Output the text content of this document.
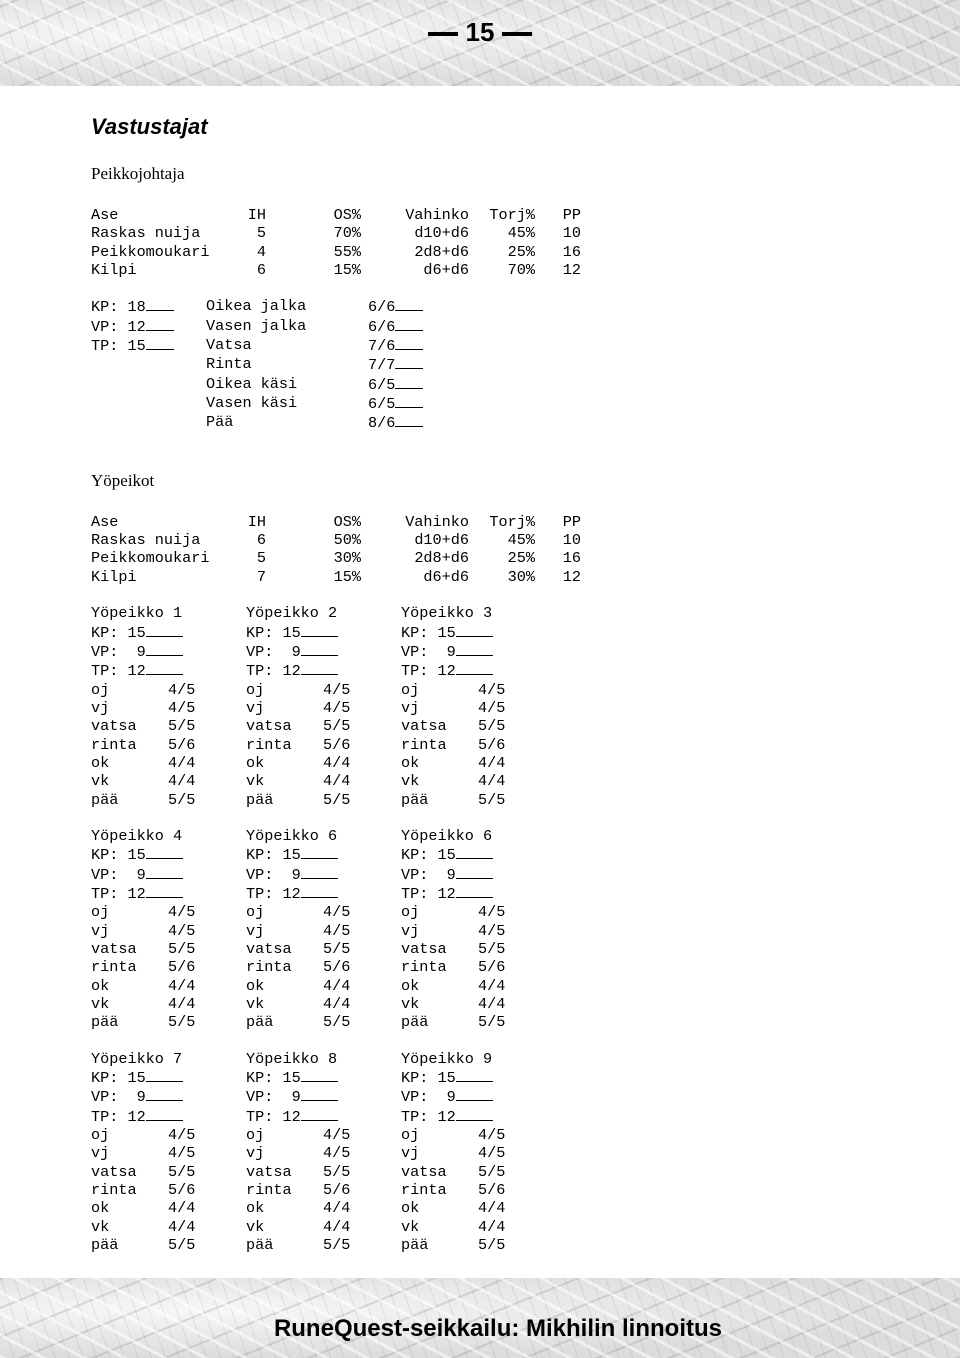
15
Vastustajat
Peikkojohtaja
Ase	IH	OS%	Vahinko	Torj%	PP
Raskas nuija	5	70%	d10+d6	45%	10
Peikkomoukari	4	55%	2d8+d6	25%	16
Kilpi	6	15%	d6+d6	70%	12
KP: 18
VP: 12
TP: 15
Oikea jalka	6/6
Vasen jalka	6/6
Vatsa	7/6
Rinta	7/7
Oikea käsi	6/5
Vasen käsi	6/5
Pää	8/6
Yöpeikot
Ase	IH	OS%	Vahinko	Torj%	PP
Raskas nuija	6	50%	d10+d6	45%	10
Peikkomoukari	5	30%	2d8+d6	25%	16
Kilpi	7	15%	d6+d6	30%	12
Yöpeikko 1
KP: 15
VP:  9
TP: 12
oj	4/5
vj	4/5
vatsa	5/5
rinta	5/6
ok	4/4
vk	4/4
pää	5/5
Yöpeikko 2
KP: 15
VP:  9
TP: 12
oj	4/5
vj	4/5
vatsa	5/5
rinta	5/6
ok	4/4
vk	4/4
pää	5/5
Yöpeikko 3
KP: 15
VP:  9
TP: 12
oj	4/5
vj	4/5
vatsa	5/5
rinta	5/6
ok	4/4
vk	4/4
pää	5/5
Yöpeikko 4
KP: 15
VP:  9
TP: 12
oj	4/5
vj	4/5
vatsa	5/5
rinta	5/6
ok	4/4
vk	4/4
pää	5/5
Yöpeikko 6
KP: 15
VP:  9
TP: 12
oj	4/5
vj	4/5
vatsa	5/5
rinta	5/6
ok	4/4
vk	4/4
pää	5/5
Yöpeikko 6
KP: 15
VP:  9
TP: 12
oj	4/5
vj	4/5
vatsa	5/5
rinta	5/6
ok	4/4
vk	4/4
pää	5/5
Yöpeikko 7
KP: 15
VP:  9
TP: 12
oj	4/5
vj	4/5
vatsa	5/5
rinta	5/6
ok	4/4
vk	4/4
pää	5/5
Yöpeikko 8
KP: 15
VP:  9
TP: 12
oj	4/5
vj	4/5
vatsa	5/5
rinta	5/6
ok	4/4
vk	4/4
pää	5/5
Yöpeikko 9
KP: 15
VP:  9
TP: 12
oj	4/5
vj	4/5
vatsa	5/5
rinta	5/6
ok	4/4
vk	4/4
pää	5/5
RuneQuest-seikkailu: Mikhilin linnoitus
